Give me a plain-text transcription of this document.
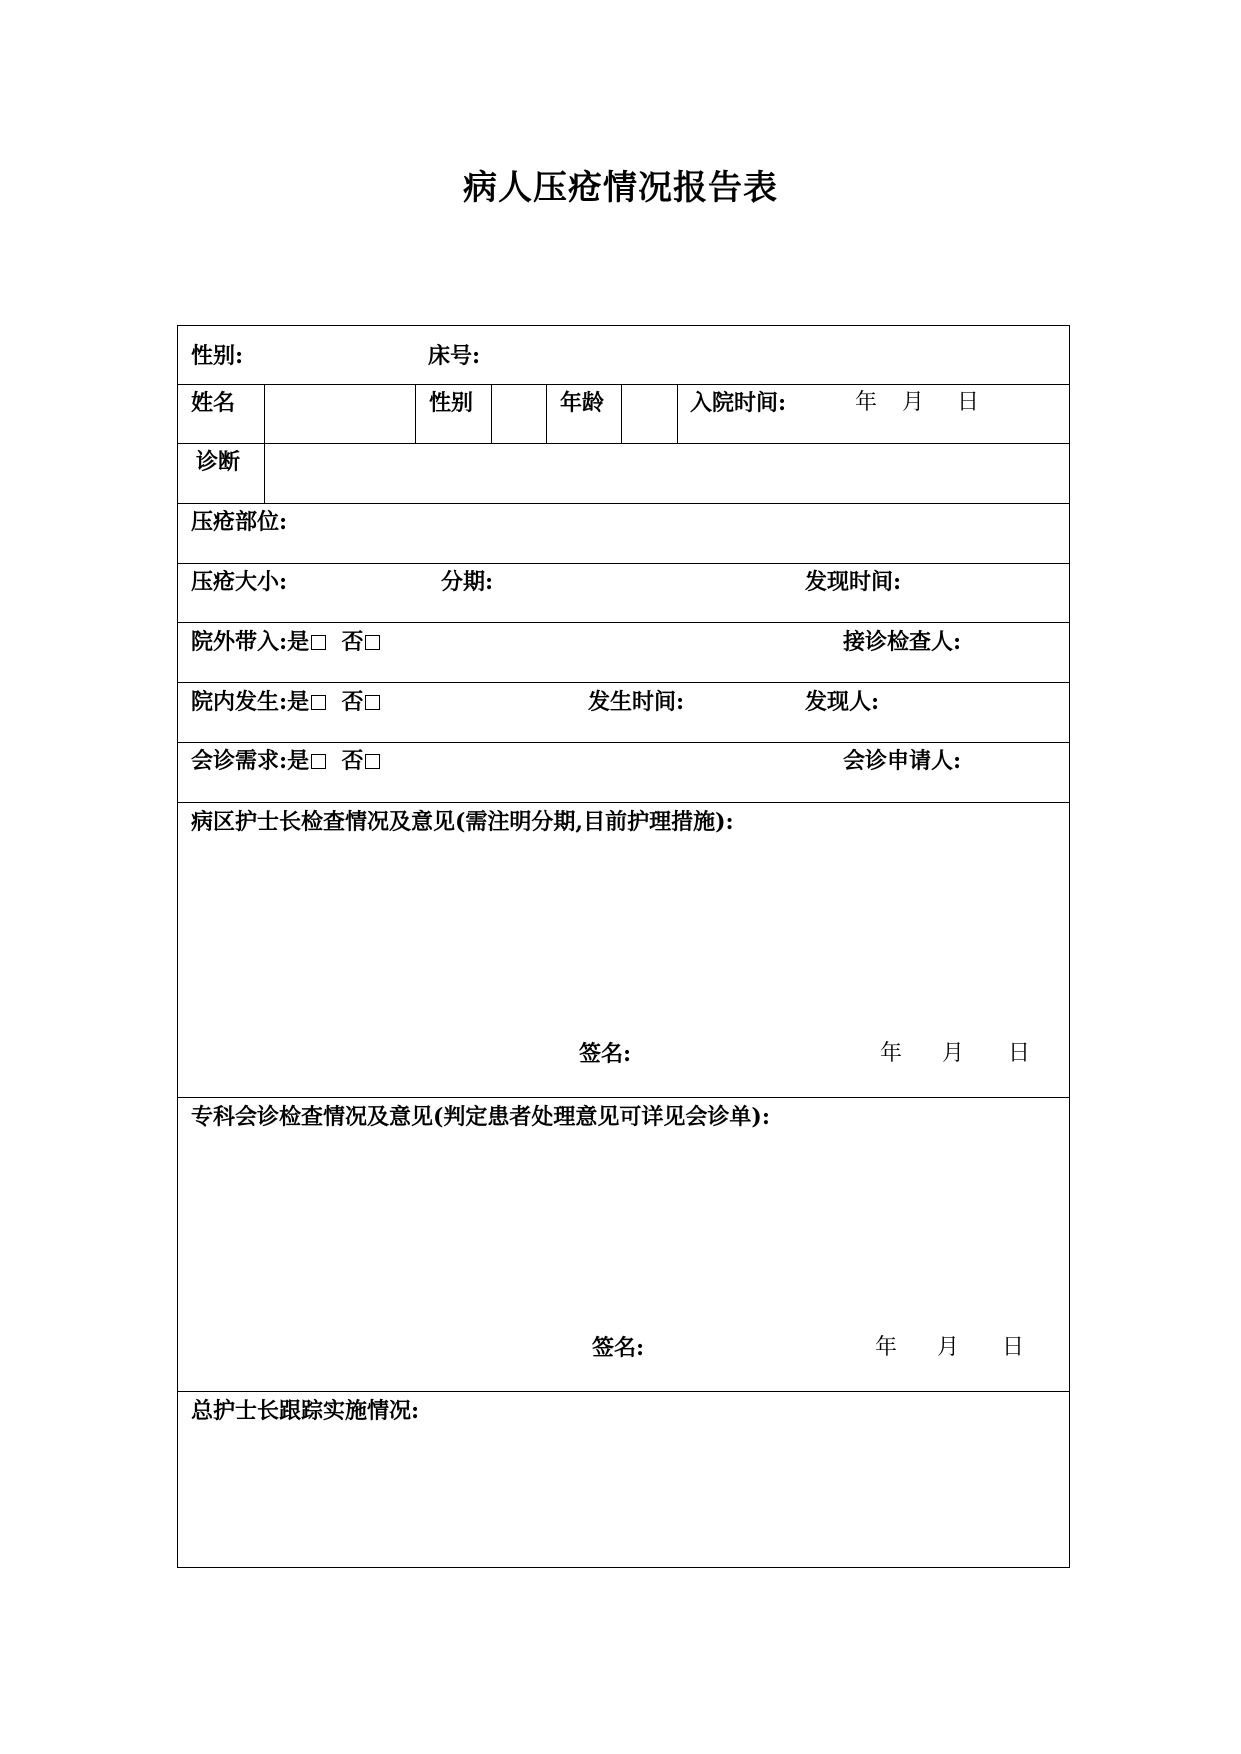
病人压疮情况报告表
性别:	床号:
姓名	性别	年龄	入院时间:	年 月 日
诊断
压疮部位:
压疮大小:	分期:	发现时间:
院外带入:是 否	接诊检查人:
院内发生:是 否	发生时间:	发现人:
会诊需求:是 否	会诊申请人:
病区护士长检查情况及意见(需注明分期,目前护理措施):
签名:	年 月 日
专科会诊检查情况及意见(判定患者处理意见可详见会诊单):
签名:	年 月 日
总护士长跟踪实施情况:
